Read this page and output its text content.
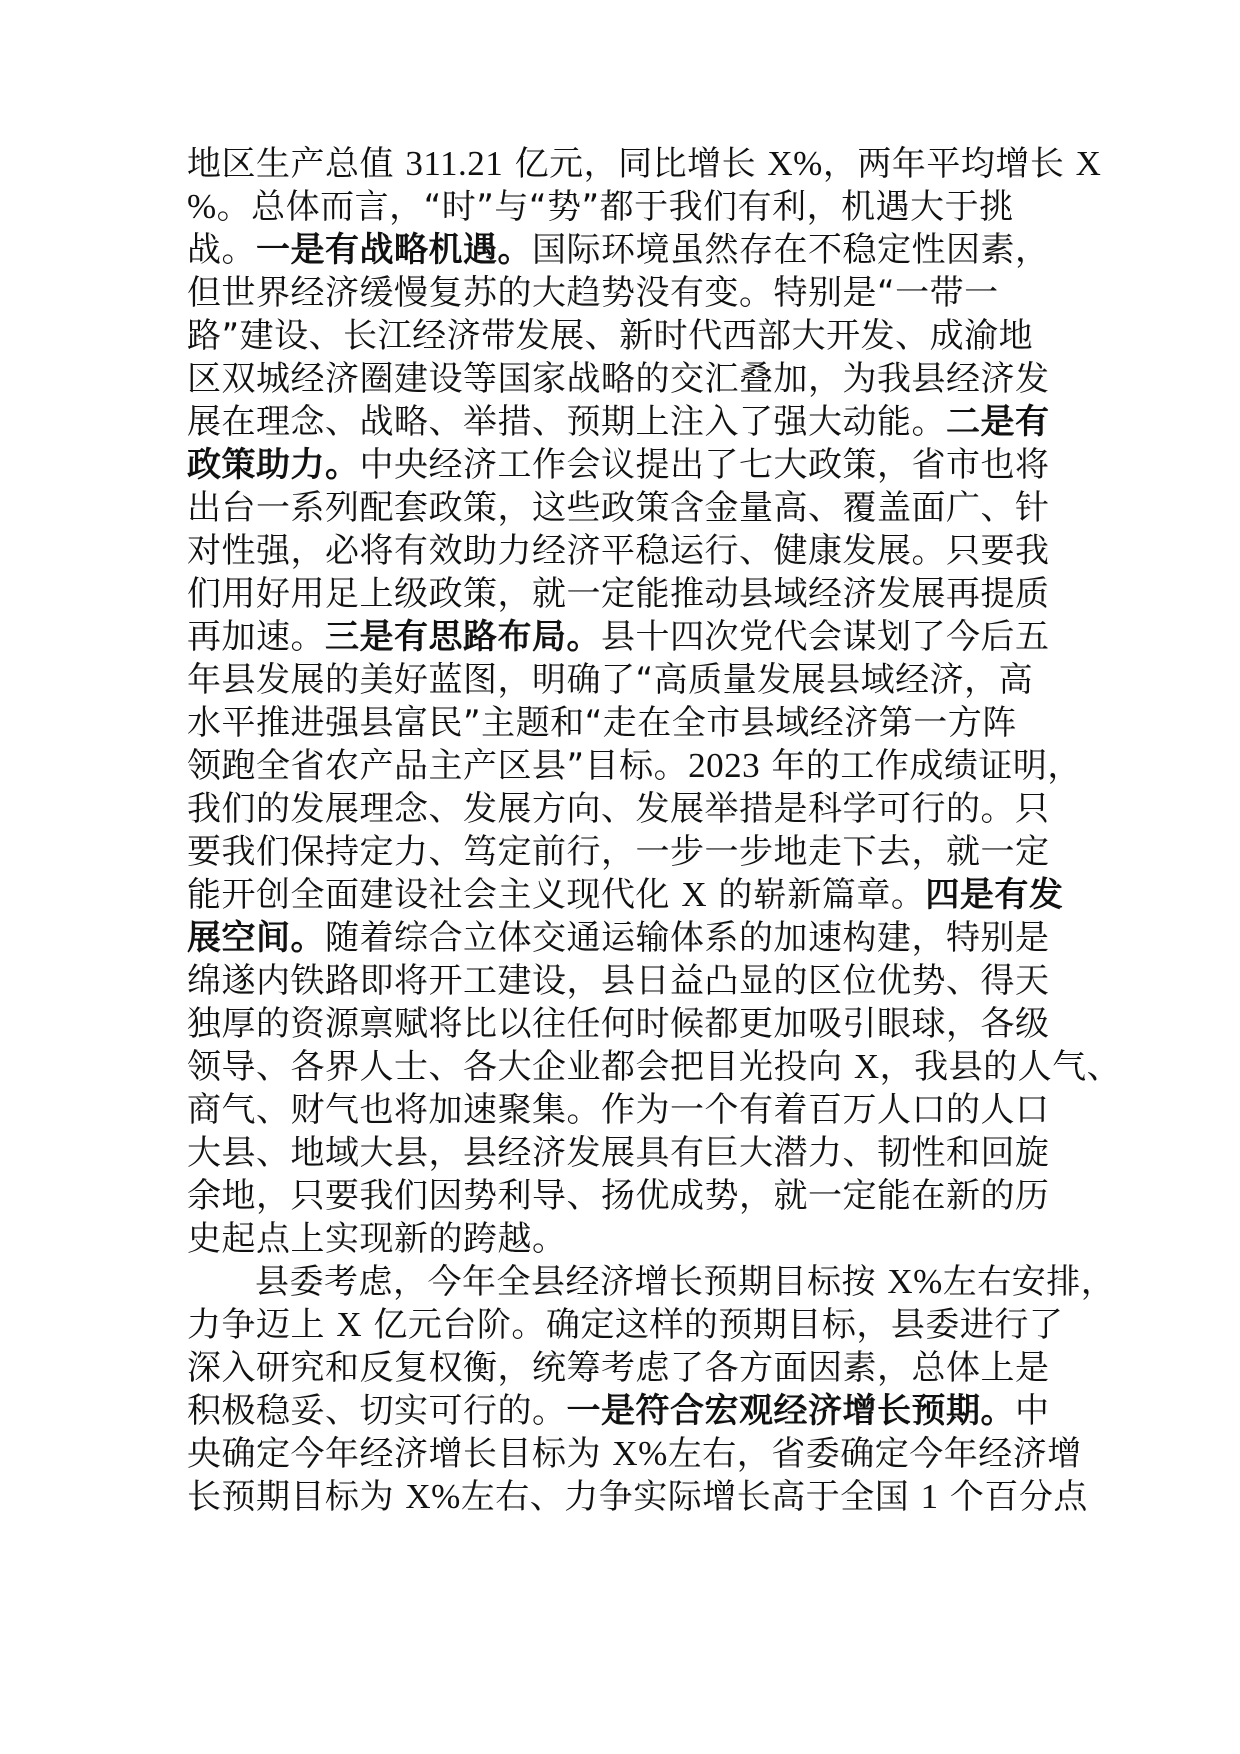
地区生产总值 311.21 亿元，同比增长 X%，两年平均增长 X
%。总体而言，“时”与“势”都于我们有利，机遇大于挑
战。一是有战略机遇。国际环境虽然存在不稳定性因素，
但世界经济缓慢复苏的大趋势没有变。特别是“一带一
路”建设、长江经济带发展、新时代西部大开发、成渝地
区双城经济圈建设等国家战略的交汇叠加，为我县经济发
展在理念、战略、举措、预期上注入了强大动能。二是有
政策助力。中央经济工作会议提出了七大政策，省市也将
出台一系列配套政策，这些政策含金量高、覆盖面广、针
对性强，必将有效助力经济平稳运行、健康发展。只要我
们用好用足上级政策，就一定能推动县域经济发展再提质
再加速。三是有思路布局。县十四次党代会谋划了今后五
年县发展的美好蓝图，明确了“高质量发展县域经济，高
水平推进强县富民”主题和“走在全市县域经济第一方阵
领跑全省农产品主产区县”目标。2023 年的工作成绩证明，
我们的发展理念、发展方向、发展举措是科学可行的。只
要我们保持定力、笃定前行，一步一步地走下去，就一定
能开创全面建设社会主义现代化 X 的崭新篇章。四是有发
展空间。随着综合立体交通运输体系的加速构建，特别是
绵遂内铁路即将开工建设，县日益凸显的区位优势、得天
独厚的资源禀赋将比以往任何时候都更加吸引眼球，各级
领导、各界人士、各大企业都会把目光投向 X，我县的人气、
商气、财气也将加速聚集。作为一个有着百万人口的人口
大县、地域大县，县经济发展具有巨大潜力、韧性和回旋
余地，只要我们因势利导、扬优成势，就一定能在新的历
史起点上实现新的跨越。
县委考虑，今年全县经济增长预期目标按 X%左右安排，
力争迈上 X 亿元台阶。确定这样的预期目标，县委进行了
深入研究和反复权衡，统筹考虑了各方面因素，总体上是
积极稳妥、切实可行的。一是符合宏观经济增长预期。中
央确定今年经济增长目标为 X%左右，省委确定今年经济增
长预期目标为 X%左右、力争实际增长高于全国 1 个百分点
